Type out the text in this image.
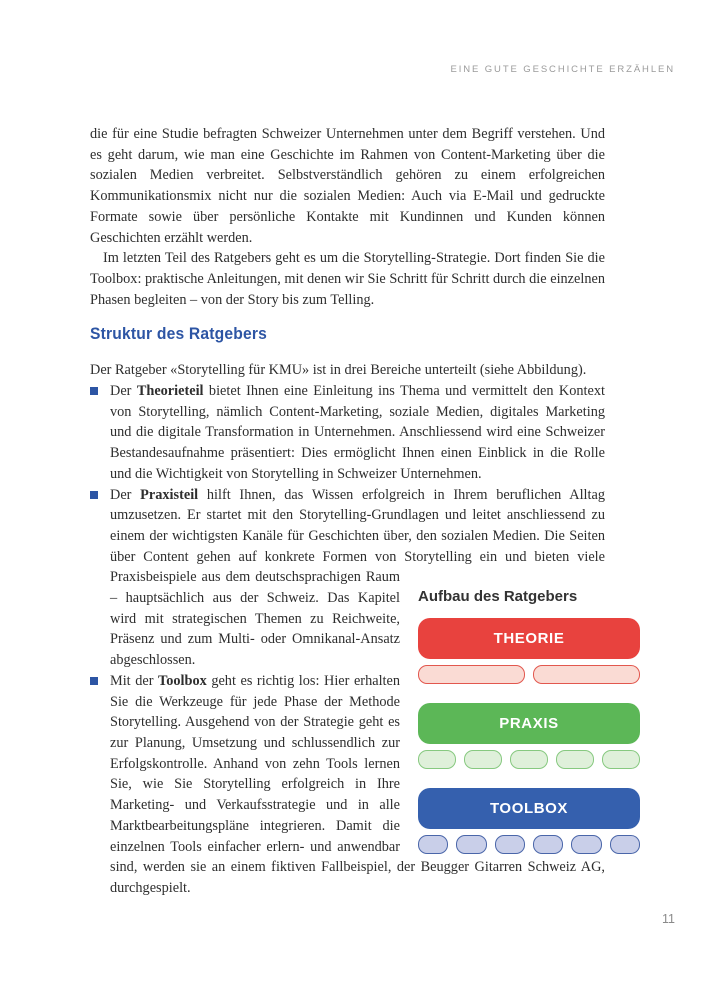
EINE GUTE GESCHICHTE ERZÄHLEN

die für eine Studie befragten Schweizer Unternehmen unter dem Begriff verstehen. Und es geht darum, wie man eine Geschichte im Rahmen von Content-Marketing über die sozialen Medien verbreitet. Selbstverständlich gehören zu einem erfolgreichen Kommunikationsmix nicht nur die sozialen Medien: Auch via E-Mail und gedruckte Formate sowie über persönliche Kontakte mit Kundinnen und Kunden können Geschichten erzählt werden.

Im letzten Teil des Ratgebers geht es um die Storytelling-Strategie. Dort finden Sie die Toolbox: praktische Anleitungen, mit denen wir Sie Schritt für Schritt durch die einzelnen Phasen begleiten – von der Story bis zum Telling.

Struktur des Ratgebers

Der Ratgeber «Storytelling für KMU» ist in drei Bereiche unterteilt (siehe Abbildung).

Der Theorieteil bietet Ihnen eine Einleitung ins Thema und vermittelt den Kontext von Storytelling, nämlich Content-Marketing, soziale Medien, digitales Marketing und die digitale Transformation in Unternehmen. Anschliessend wird eine Schweizer Bestandesaufnahme präsentiert: Dies ermöglicht Ihnen einen Einblick in die Rolle und die Wichtigkeit von Storytelling in Schweizer Unternehmen.
Der Praxisteil hilft Ihnen, das Wissen erfolgreich in Ihrem beruflichen Alltag umzusetzen. Er startet mit den Storytelling-Grundlagen und leitet anschliessend zu einem der wichtigsten Kanäle für Geschichten über, den sozialen Medien. Die Seiten über Content gehen auf konkrete Formen von Storytelling ein und bieten viele Praxisbeispiele aus dem deutschsprachigen Raum
Aufbau des Ratgebers
THEORIE
PRAXIS
TOOLBOX
– hauptsächlich aus der Schweiz. Das Kapitel wird mit strategischen Themen zu Reichweite, Präsenz und zum Multi- oder Omnikanal-Ansatz abgeschlossen.
Mit der Toolbox geht es richtig los: Hier erhalten Sie die Werkzeuge für jede Phase der Methode Storytelling. Ausgehend von der Strategie geht es zur Planung, Umsetzung und schlussendlich zur Erfolgskontrolle. Anhand von zehn Tools lernen Sie, wie Sie Storytelling erfolgreich in Ihre Marketing- und Verkaufsstrategie und in alle Marktbearbeitungspläne integrieren. Damit die einzelnen Tools einfacher erlern- und anwendbar sind, werden sie an einem fiktiven Fallbeispiel, der Beugger Gitarren Schweiz AG, durchgespielt.
11
